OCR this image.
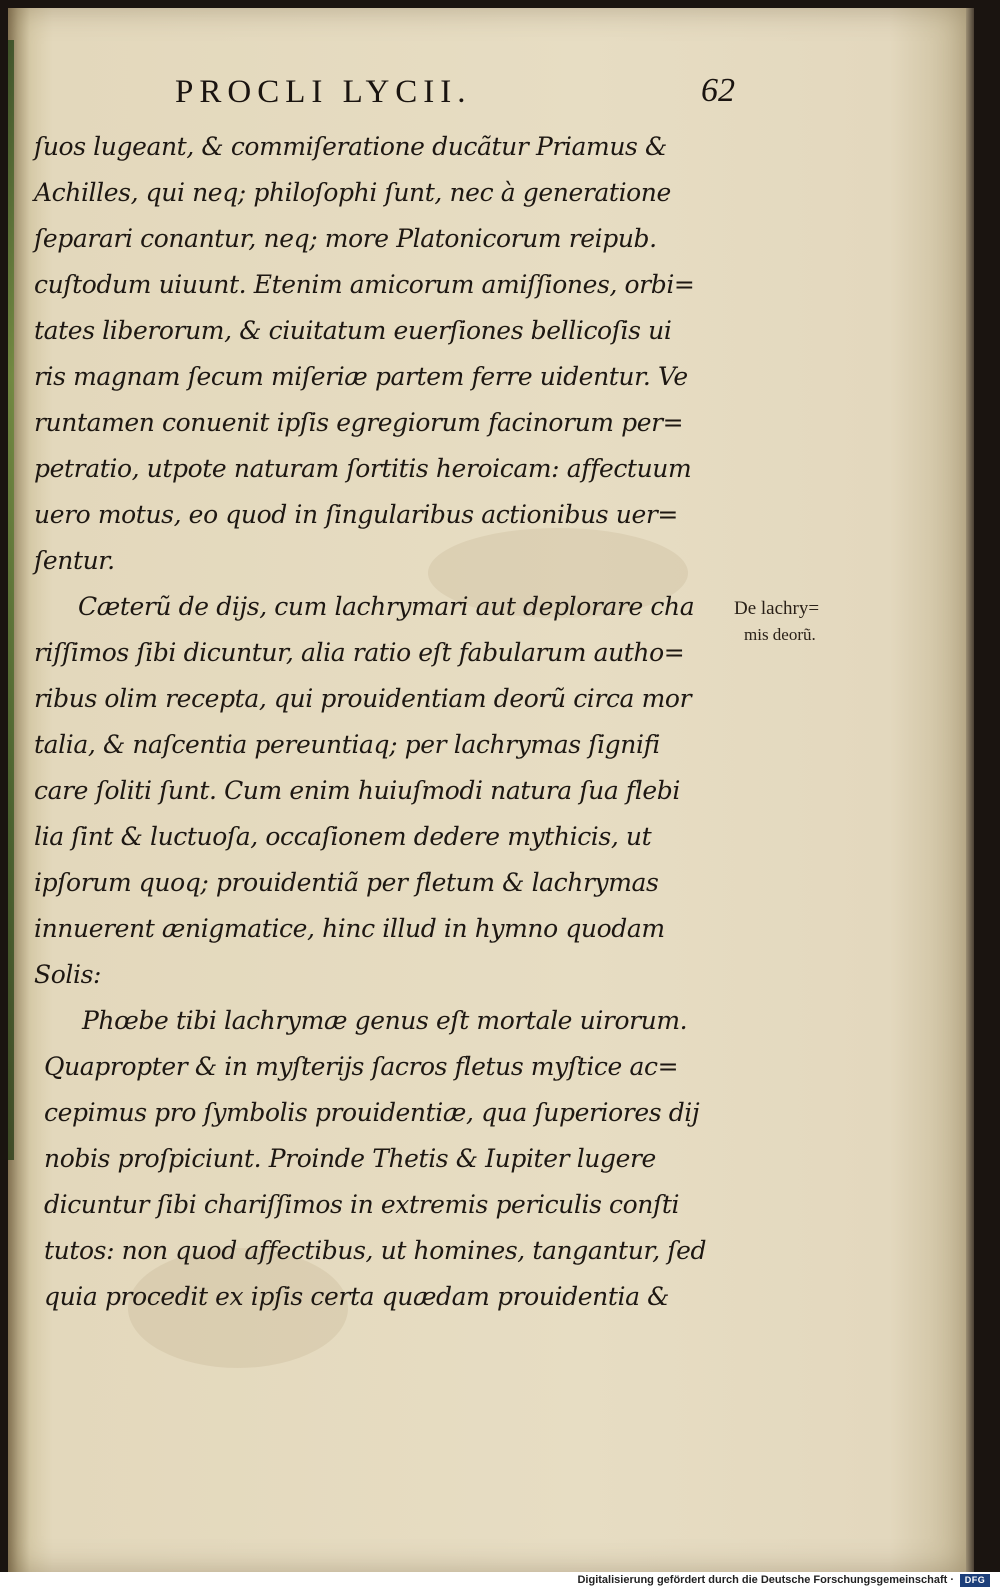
PROCLI LYCII.	62
ſuos lugeant, & commiſeratione ducãtur Priamus &
Achilles, qui neq; philoſophi ſunt, nec à generatione
ſeparari conantur, neq; more Platonicorum reipub.
cuſtodum uiuunt. Etenim amicorum amiſſiones, orbi=
tates liberorum, & ciuitatum euerſiones bellicoſis ui
ris magnam ſecum miſeriæ partem ferre uidentur. Ve
runtamen conuenit ipſis egregiorum facinorum per=
petratio, utpote naturam ſortitis heroicam: affectuum
uero motus, eo quod in ſingularibus actionibus uer=
ſentur.
Cæterũ de dijs, cum lachrymari aut deplorare cha
riſſimos ſibi dicuntur, alia ratio eſt fabularum autho=
ribus olim recepta, qui prouidentiam deorũ circa mor
talia, & naſcentia pereuntiaq; per lachrymas ſignifi
care ſoliti ſunt. Cum enim huiuſmodi natura ſua flebi
lia ſint & luctuoſa, occaſionem dedere mythicis, ut
ipſorum quoq; prouidentiã per fletum & lachrymas
innuerent ænigmatice, hinc illud in hymno quodam
Solis:
Phœbe tibi lachrymæ genus eſt mortale uirorum.
Quapropter & in myſterijs ſacros fletus myſtice ac=
cepimus pro ſymbolis prouidentiæ, qua ſuperiores dij
nobis proſpiciunt. Proinde Thetis & Iupiter lugere
dicuntur ſibi chariſſimos in extremis periculis conſti
tutos: non quod affectibus, ut homines, tangantur, ſed
quia procedit ex ipſis certa quædam prouidentia &
De lachry=
mis deorũ.
Digitalisierung gefördert durch die Deutsche Forschungsgemeinschaft ·	DFG
